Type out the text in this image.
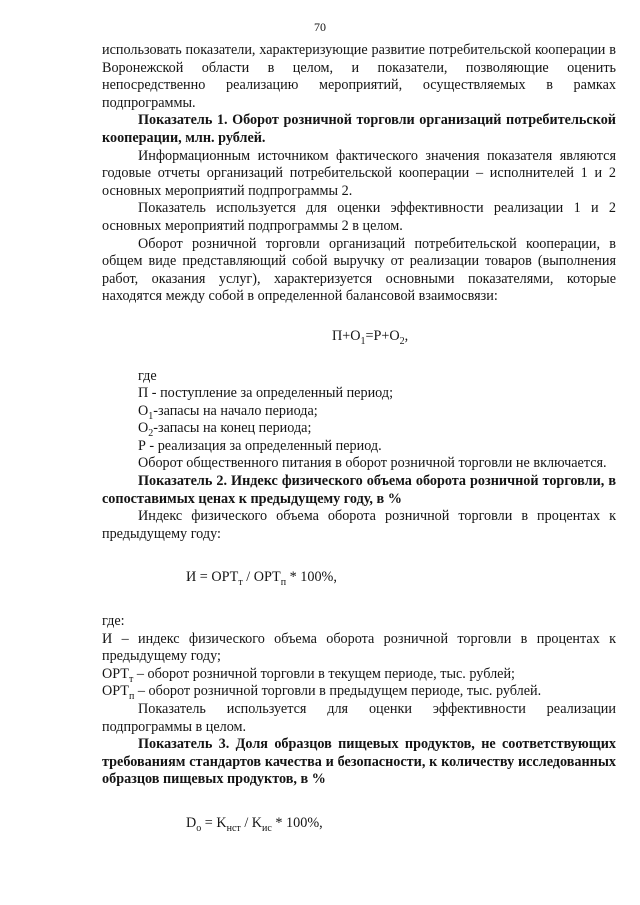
70

использовать показатели, характеризующие развитие потребительской кооперации в Воронежской области в целом, и показатели, позволяющие оценить непосредственно реализацию мероприятий, осуществляемых в рамках подпрограммы.

Показатель 1. Оборот розничной торговли организаций потребительской кооперации, млн. рублей.

Информационным источником фактического значения показателя являются годовые отчеты организаций потребительской кооперации – исполнителей 1 и 2 основных мероприятий подпрограммы 2.

Показатель используется для оценки эффективности реализации 1 и 2 основных мероприятий подпрограммы 2 в целом.

Оборот розничной торговли организаций потребительской кооперации, в общем виде представляющий собой выручку от реализации товаров (выполнения работ, оказания услуг), характеризуется основными показателями, которые находятся между собой в определенной балансовой взаимосвязи:

$П+О_1=Р+О_2$,

где

П - поступление за определенный период;

$О_1$-запасы на начало периода;

$О_2$-запасы на конец периода;

Р - реализация за определенный период.

Оборот общественного питания в оборот розничной торговли не включается.

Показатель 2. Индекс физического объема оборота розничной торговли, в сопоставимых ценах к предыдущему году, в %

Индекс физического объема оборота розничной торговли в процентах к предыдущему году:

$И = ОРТ_т / ОРТ_п * 100\%$,

где:

И – индекс физического объема оборота розничной торговли в процентах к предыдущему году;

$ОРТ_т$ – оборот розничной торговли в текущем периоде, тыс. рублей;

$ОРТ_п$ – оборот розничной торговли в предыдущем периоде, тыс. рублей.

Показатель используется для оценки эффективности реализации подпрограммы в целом.

Показатель 3. Доля образцов пищевых продуктов, не соответствующих требованиям стандартов качества и безопасности, к количеству исследованных образцов пищевых продуктов, в %

$D_о = K_{нст} / K_{ис} * 100\%$,
